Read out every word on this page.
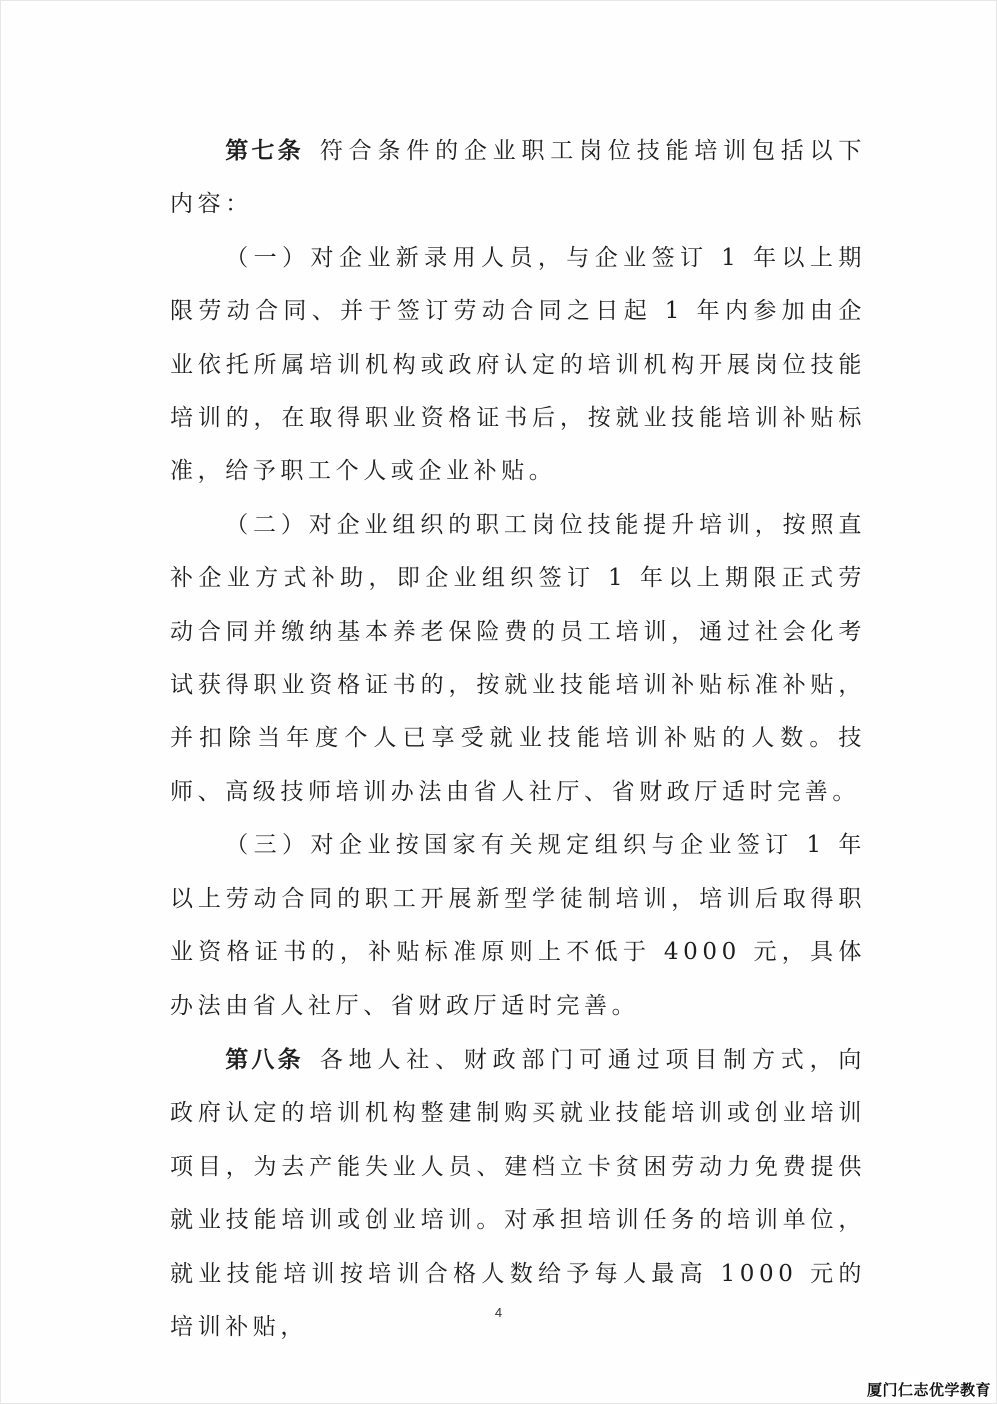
第七条 符合条件的企业职工岗位技能培训包括以下内容：

（一）对企业新录用人员，与企业签订 1 年以上期限劳动合同、并于签订劳动合同之日起 1 年内参加由企业依托所属培训机构或政府认定的培训机构开展岗位技能培训的，在取得职业资格证书后，按就业技能培训补贴标准，给予职工个人或企业补贴。

（二）对企业组织的职工岗位技能提升培训，按照直补企业方式补助，即企业组织签订 1 年以上期限正式劳动合同并缴纳基本养老保险费的员工培训，通过社会化考试获得职业资格证书的，按就业技能培训补贴标准补贴，并扣除当年度个人已享受就业技能培训补贴的人数。技师、高级技师培训办法由省人社厅、省财政厅适时完善。

（三）对企业按国家有关规定组织与企业签订 1 年以上劳动合同的职工开展新型学徒制培训，培训后取得职业资格证书的，补贴标准原则上不低于 4000 元，具体办法由省人社厅、省财政厅适时完善。

第八条 各地人社、财政部门可通过项目制方式，向政府认定的培训机构整建制购买就业技能培训或创业培训项目，为去产能失业人员、建档立卡贫困劳动力免费提供就业技能培训或创业培训。对承担培训任务的培训单位，就业技能培训按培训合格人数给予每人最高 1000 元的培训补贴，

4
厦门仁志优学教育
